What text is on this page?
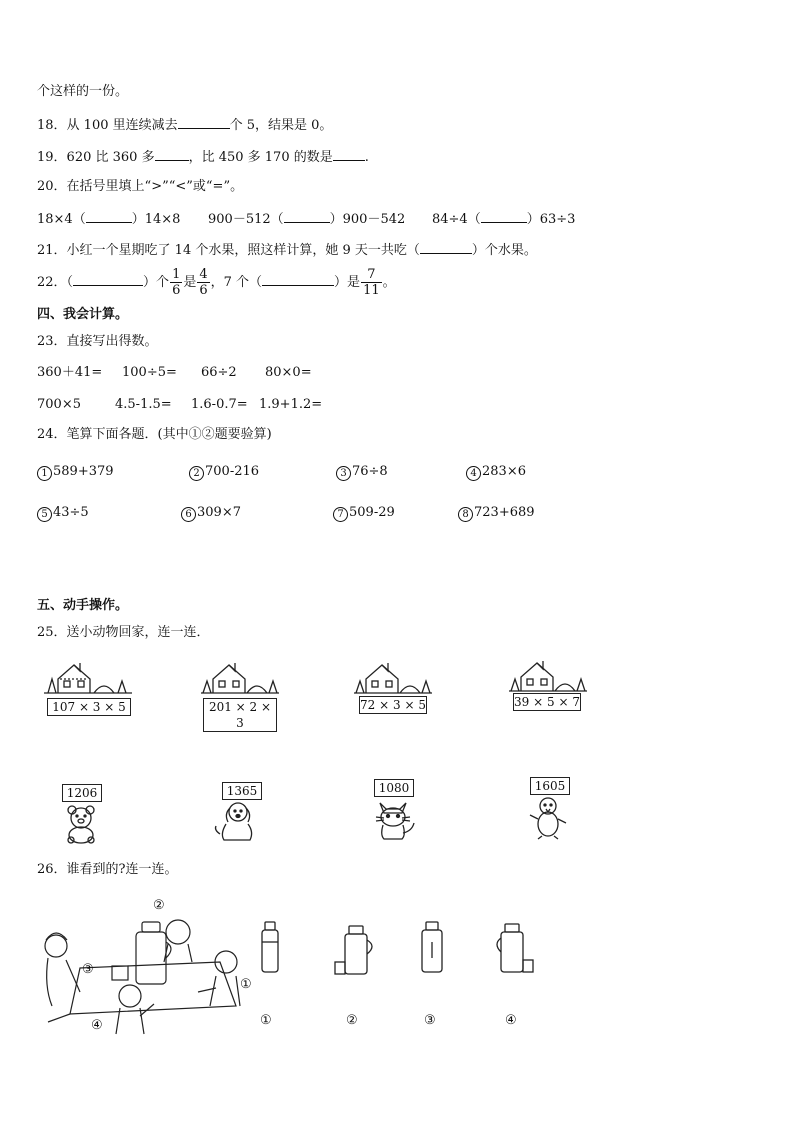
个这样的一份。
18．从 100 里连续减去	个 5，结果是 0。
19．620 比 360 多	，比 450 多 170 的数是 .
20．在括号里填上“>”“<”或“=”。
18×4（	）14×8 900－512（	）900－542 84÷4（	）63÷3
21．小红一个星期吃了 14 个水果，照这样计算，她 9 天一共吃（	）个水果。
22．（	）个 $\frac{1}{6}$ 是 $\frac{4}{6}$ ，7 个（	）是 $\frac{7}{11}$ 。
四、我会计算。
23．直接写出得数。
360＋41= 100÷5= 66÷2 80×0=
700×5	4.5-1.5= 1.6-0.7= 1.9+1.2=
24．笔算下面各题．(其中①②题要验算)
1 589+379	2 700-216	3 76÷8	4 283×6
5 43÷5	6 309×7	7 509-29	8 723+689
五、动手操作。
25．送小动物回家，连一连．
107 × 3 × 5	201 × 2 × 3
72 × 3 × 5	39 × 5 × 7
1206	1365	1080	1605
26．谁看到的?连一连。
②
③
①
④	①	②	③	④
